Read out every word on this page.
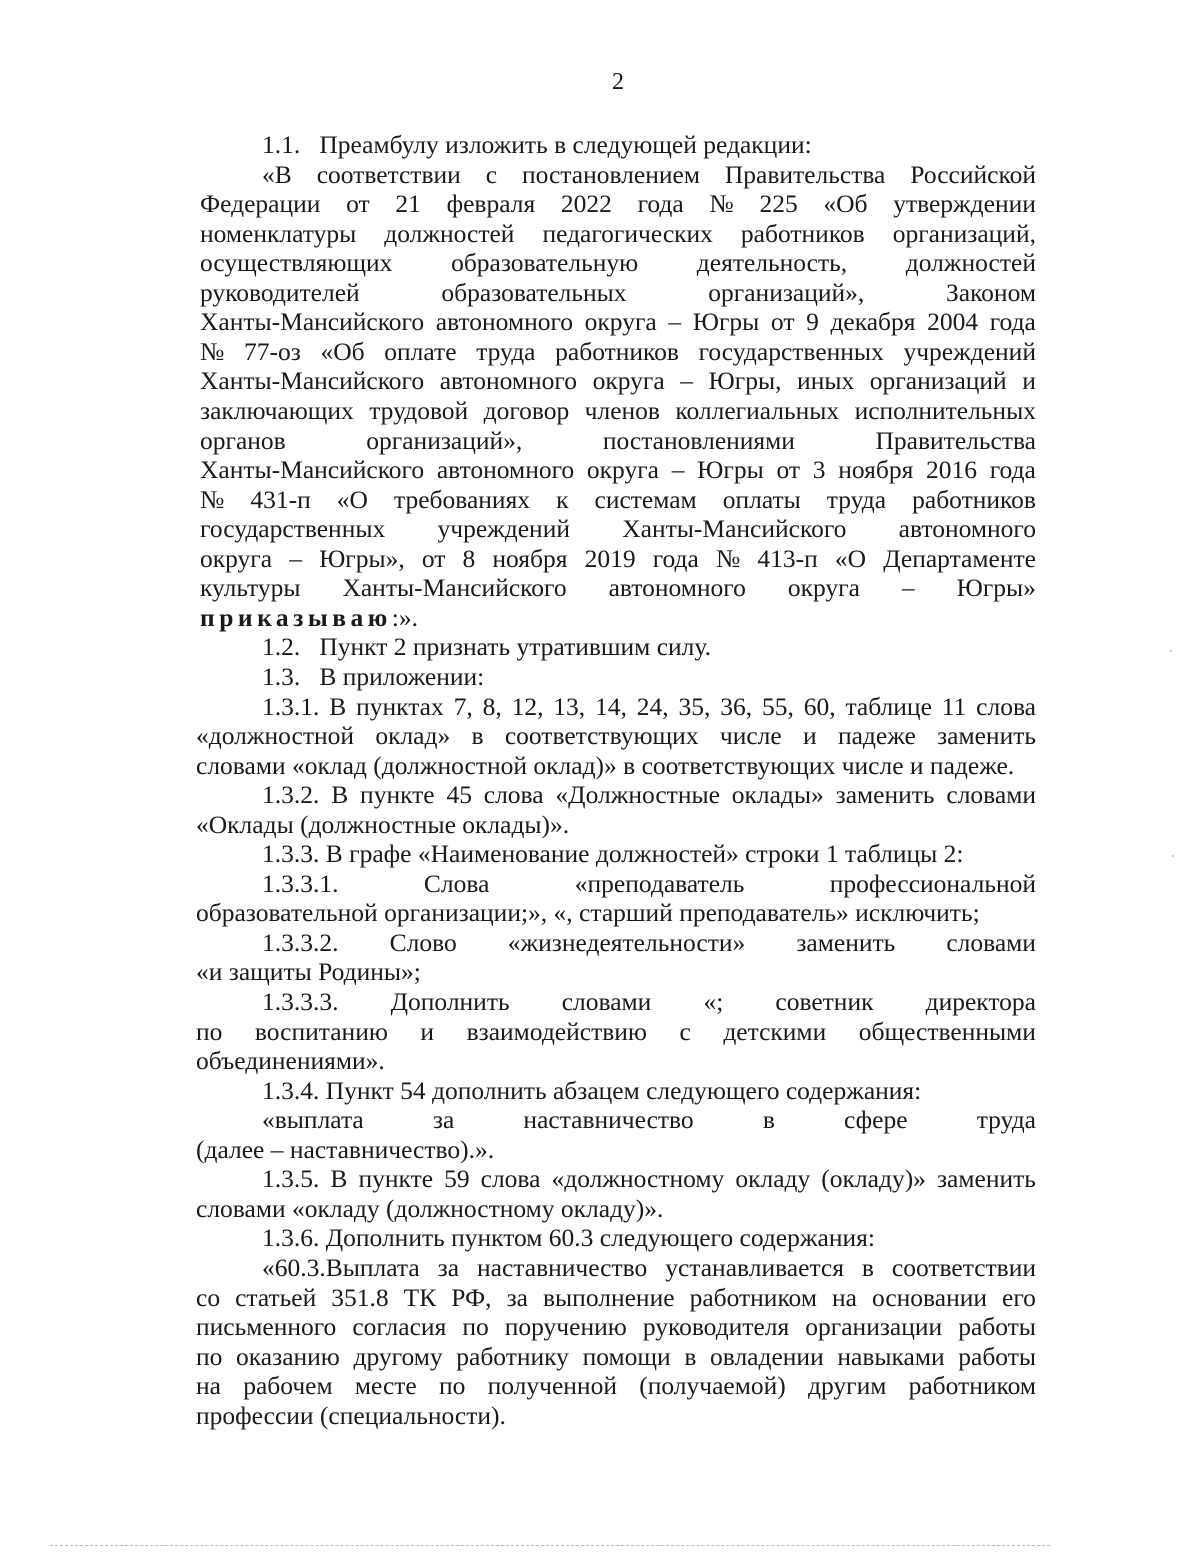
2
1.1.   Преамбулу изложить в следующей редакции:
«В соответствии с постановлением Правительства Российской
Федерации от 21 февраля 2022 года № 225 «Об утверждении
номенклатуры должностей педагогических работников организаций,
осуществляющих образовательную деятельность, должностей
руководителей	образовательных	организаций»,	Законом
Ханты-Мансийского автономного округа – Югры от 9 декабря 2004 года
№ 77-оз «Об оплате труда работников государственных учреждений
Ханты-Мансийского автономного округа – Югры, иных организаций и
заключающих трудовой договор членов коллегиальных исполнительных
органов	организаций»,	постановлениями	Правительства
Ханты-Мансийского автономного округа – Югры от 3 ноября 2016 года
№ 431-п «О требованиях к системам оплаты труда работников
государственных учреждений Ханты-Мансийского автономного
округа – Югры», от 8 ноября 2019 года № 413-п «О Департаменте
культуры Ханты-Мансийского автономного округа – Югры»
приказываю:».
1.2.   Пункт 2 признать утратившим силу.
1.3.   В приложении:
1.3.1. В пунктах 7, 8, 12, 13, 14, 24, 35, 36, 55, 60, таблице 11 слова
«должностной оклад» в соответствующих числе и падеже заменить
словами «оклад (должностной оклад)» в соответствующих числе и падеже.
1.3.2. В пункте 45 слова «Должностные оклады» заменить словами
«Оклады (должностные оклады)».
1.3.3. В графе «Наименование должностей» строки 1 таблицы 2:
1.3.3.1.	Слова	«преподаватель	профессиональной
образовательной организации;», «, старший преподаватель» исключить;
1.3.3.2. Слово «жизнедеятельности» заменить словами
«и защиты Родины»;
1.3.3.3. Дополнить словами «; советник директора
по воспитанию и взаимодействию с детскими общественными
объединениями».
1.3.4. Пункт 54 дополнить абзацем следующего содержания:
«выплата	за	наставничество	в	сфере	труда
(далее – наставничество).».
1.3.5. В пункте 59 слова «должностному окладу (окладу)» заменить
словами «окладу (должностному окладу)».
1.3.6. Дополнить пунктом 60.3 следующего содержания:
«60.3.Выплата за наставничество устанавливается в соответствии
со статьей 351.8 ТК РФ, за выполнение работником на основании его
письменного согласия по поручению руководителя организации работы
по оказанию другому работнику помощи в овладении навыками работы
на рабочем месте по полученной (получаемой) другим работником
профессии (специальности).
